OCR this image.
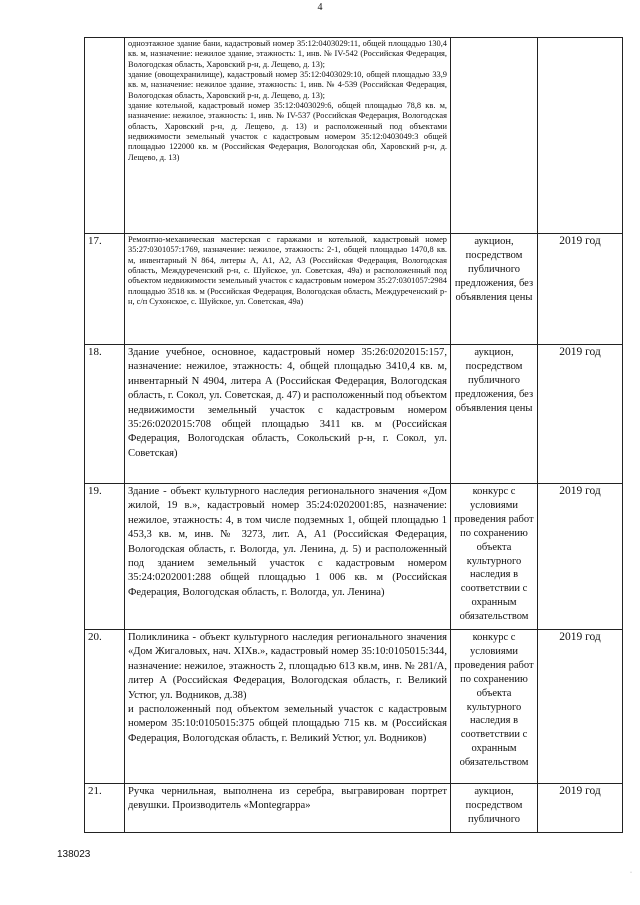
4

	одноэтажное здание бани, кадастровый номер 35:12:0403029:11, общей площадью 130,4 кв. м, назначение: нежилое здание, этажность: 1, инв. № IV-542 (Российская Федерация, Вологодская область, Харовский р-н, д. Лещево, д. 13);
здание (овощехранилище), кадастровый номер 35:12:0403029:10, общей площадью 33,9 кв. м, назначение: нежилое здание, этажность: 1, инв. № 4-539 (Российская Федерация, Вологодская область, Харовский р-н, д. Лещево, д. 13);
здание котельной, кадастровый номер 35:12:0403029:6, общей площадью 78,8 кв. м, назначение: нежилое, этажность: 1, инв. № IV-537 (Российская Федерация, Вологодская область, Харовский р-н, д. Лещево, д. 13) и расположенный под объектами недвижимости земельный участок с кадастровым номером 35:12:0403049:3 общей площадью 122000 кв. м (Российская Федерация, Вологодская обл, Харовский р-н, д. Лещево, д. 13)		

17.	Ремонтно-механическая мастерская с гаражами и котельной, кадастровый номер 35:27:0301057:1769, назначение: нежилое, этажность: 2-1, общей площадью 1470,8 кв. м, инвентарный N 864, литеры А, А1, А2, А3 (Российская Федерация, Вологодская область, Междуреченский р-н, с. Шуйское, ул. Советская, 49а) и расположенный под объектом недвижимости земельный участок с кадастровым номером 35:27:0301057:2984 площадью 3518 кв. м (Российская Федерация, Вологодская область, Междуреченский р-н, с/п Сухонское, с. Шуйское, ул. Советская, 49а)	аукцион, посредством публичного предложения, без объявления цены	2019 год
18.	Здание учебное, основное, кадастровый номер 35:26:0202015:157, назначение: нежилое, этажность: 4, общей площадью 3410,4 кв. м, инвентарный N 4904, литера А (Российская Федерация, Вологодская область, г. Сокол, ул. Советская, д. 47) и расположенный под объектом недвижимости земельный участок с кадастровым номером 35:26:0202015:708 общей площадью 3411 кв. м (Российская Федерация, Вологодская область, Сокольский р-н, г. Сокол, ул. Советская)	аукцион, посредством публичного предложения, без объявления цены	2019 год
19.	Здание - объект культурного наследия регионального значения «Дом жилой, 19 в.», кадастровый номер 35:24:0202001:85, назначение: нежилое, этажность: 4, в том числе подземных 1, общей площадью 1 453,3 кв. м, инв. № 3273, лит. А, А1 (Российская Федерация, Вологодская область, г. Вологда, ул. Ленина, д. 5) и расположенный под зданием земельный участок с кадастровым номером 35:24:0202001:288 общей площадью 1 006 кв. м (Российская Федерация, Вологодская область, г. Вологда, ул. Ленина)	конкурс с условиями проведения работ по сохранению объекта культурного наследия в соответствии с охранным обязательством	2019 год
20.	Поликлиника - объект культурного наследия регионального значения «Дом Жигаловых, нач. XIXв.», кадастровый номер 35:10:0105015:344, назначение: нежилое, этажность 2, площадью 613 кв.м, инв. № 281/А, литер А (Российская Федерация, Вологодская область, г. Великий Устюг, ул. Водников, д.38)
и расположенный под объектом земельный участок с кадастровым номером 35:10:0105015:375 общей площадью 715 кв. м (Российская Федерация, Вологодская область, г. Великий Устюг, ул. Водников)	конкурс с условиями проведения работ по сохранению объекта культурного наследия в соответствии с охранным обязательством	2019 год
21.	Ручка чернильная, выполнена из серебра, выгравирован портрет девушки. Производитель «Montegrappa»	аукцион, посредством публичного	2019 год
138023
·
